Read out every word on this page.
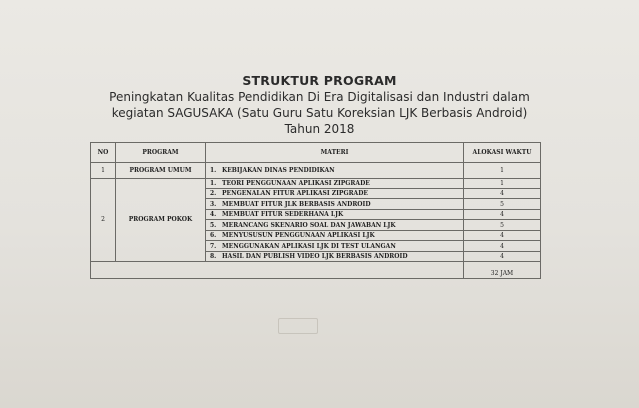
STRUKTUR PROGRAM
Peningkatan Kualitas Pendidikan Di Era Digitalisasi dan Industri dalam
kegiatan SAGUSAKA (Satu Guru Satu Koreksian LJK Berbasis Android)
Tahun 2018
NO	PROGRAM	MATERI	ALOKASI WAKTU
1	PROGRAM UMUM	1. KEBIJAKAN DINAS PENDIDIKAN	1
2	PROGRAM POKOK	1. TEORI PENGGUNAAN APLIKASI ZIPGRADE	1
		2. PENGENALAN FITUR APLIKASI ZIPGRADE	4
		3. MEMBUAT FITUR JLK BERBASIS ANDROID	5
		4. MEMBUAT FITUR SEDERHANA LJK	4
		5. MERANCANG SKENARIO SOAL DAN JAWABAN LJK	5
		6. MENYUSUSUN PENGGUNAAN APLIKASI LJK	4
		7. MENGGUNAKAN APLIKASI LJK DI TEST ULANGAN	4
		8. HASIL DAN PUBLISH VIDEO LJK BERBASIS ANDROID	4
			32 JAM
